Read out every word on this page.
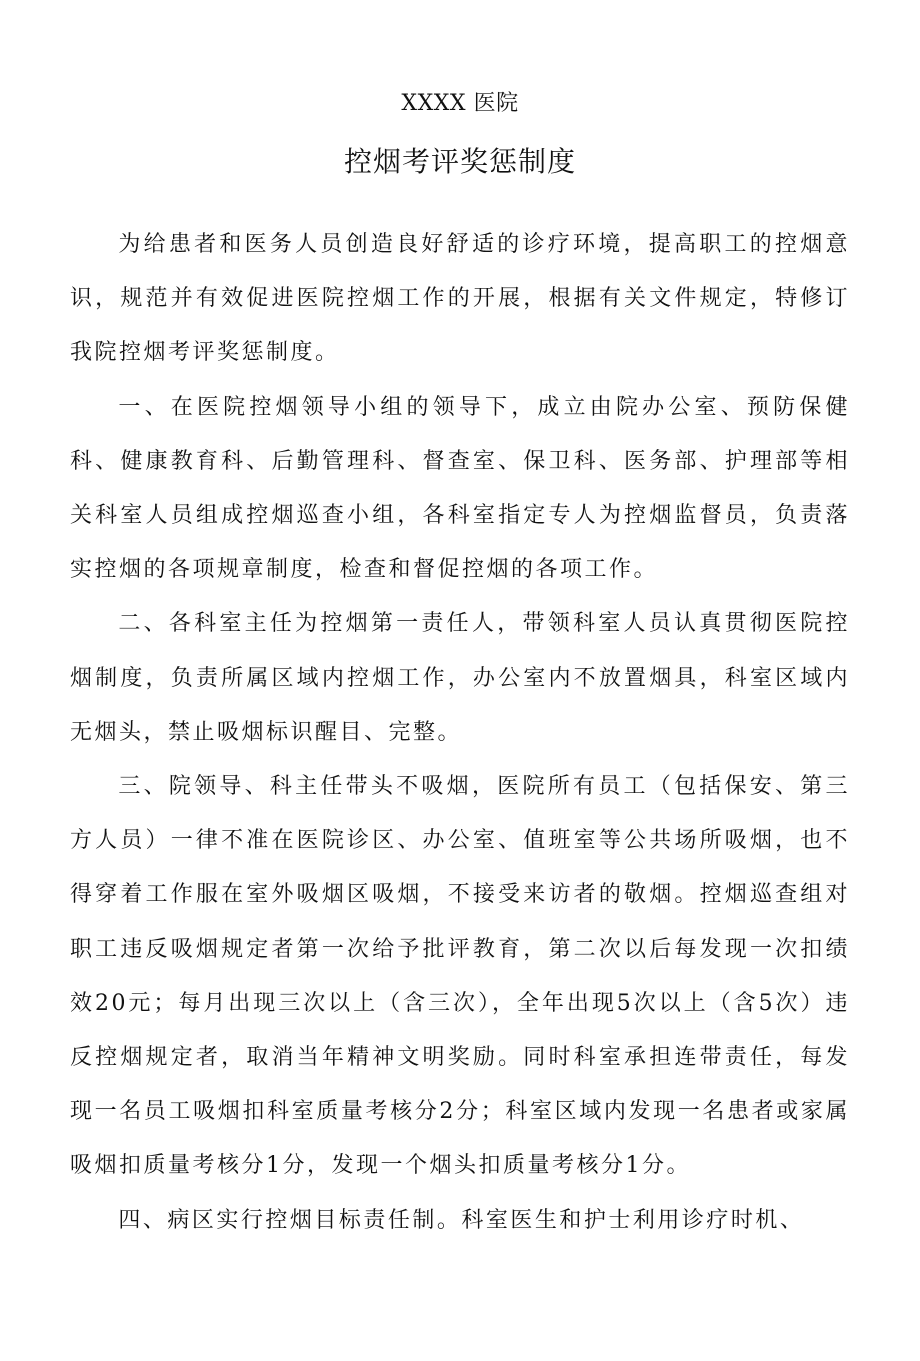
XXXX 医院

控烟考评奖惩制度

为给患者和医务人员创造良好舒适的诊疗环境，提高职工的控烟意识，规范并有效促进医院控烟工作的开展，根据有关文件规定，特修订我院控烟考评奖惩制度。

一、在医院控烟领导小组的领导下，成立由院办公室、预防保健科、健康教育科、后勤管理科、督查室、保卫科、医务部、护理部等相关科室人员组成控烟巡查小组，各科室指定专人为控烟监督员，负责落实控烟的各项规章制度，检查和督促控烟的各项工作。

二、各科室主任为控烟第一责任人，带领科室人员认真贯彻医院控烟制度，负责所属区域内控烟工作，办公室内不放置烟具，科室区域内无烟头，禁止吸烟标识醒目、完整。

三、院领导、科主任带头不吸烟，医院所有员工（包括保安、第三方人员）一律不准在医院诊区、办公室、值班室等公共场所吸烟，也不得穿着工作服在室外吸烟区吸烟，不接受来访者的敬烟。控烟巡查组对职工违反吸烟规定者第一次给予批评教育，第二次以后每发现一次扣绩效20元；每月出现三次以上（含三次），全年出现5次以上（含5次）违反控烟规定者，取消当年精神文明奖励。同时科室承担连带责任，每发现一名员工吸烟扣科室质量考核分2分；科室区域内发现一名患者或家属吸烟扣质量考核分1分，发现一个烟头扣质量考核分1分。

四、病区实行控烟目标责任制。科室医生和护士利用诊疗时机、
